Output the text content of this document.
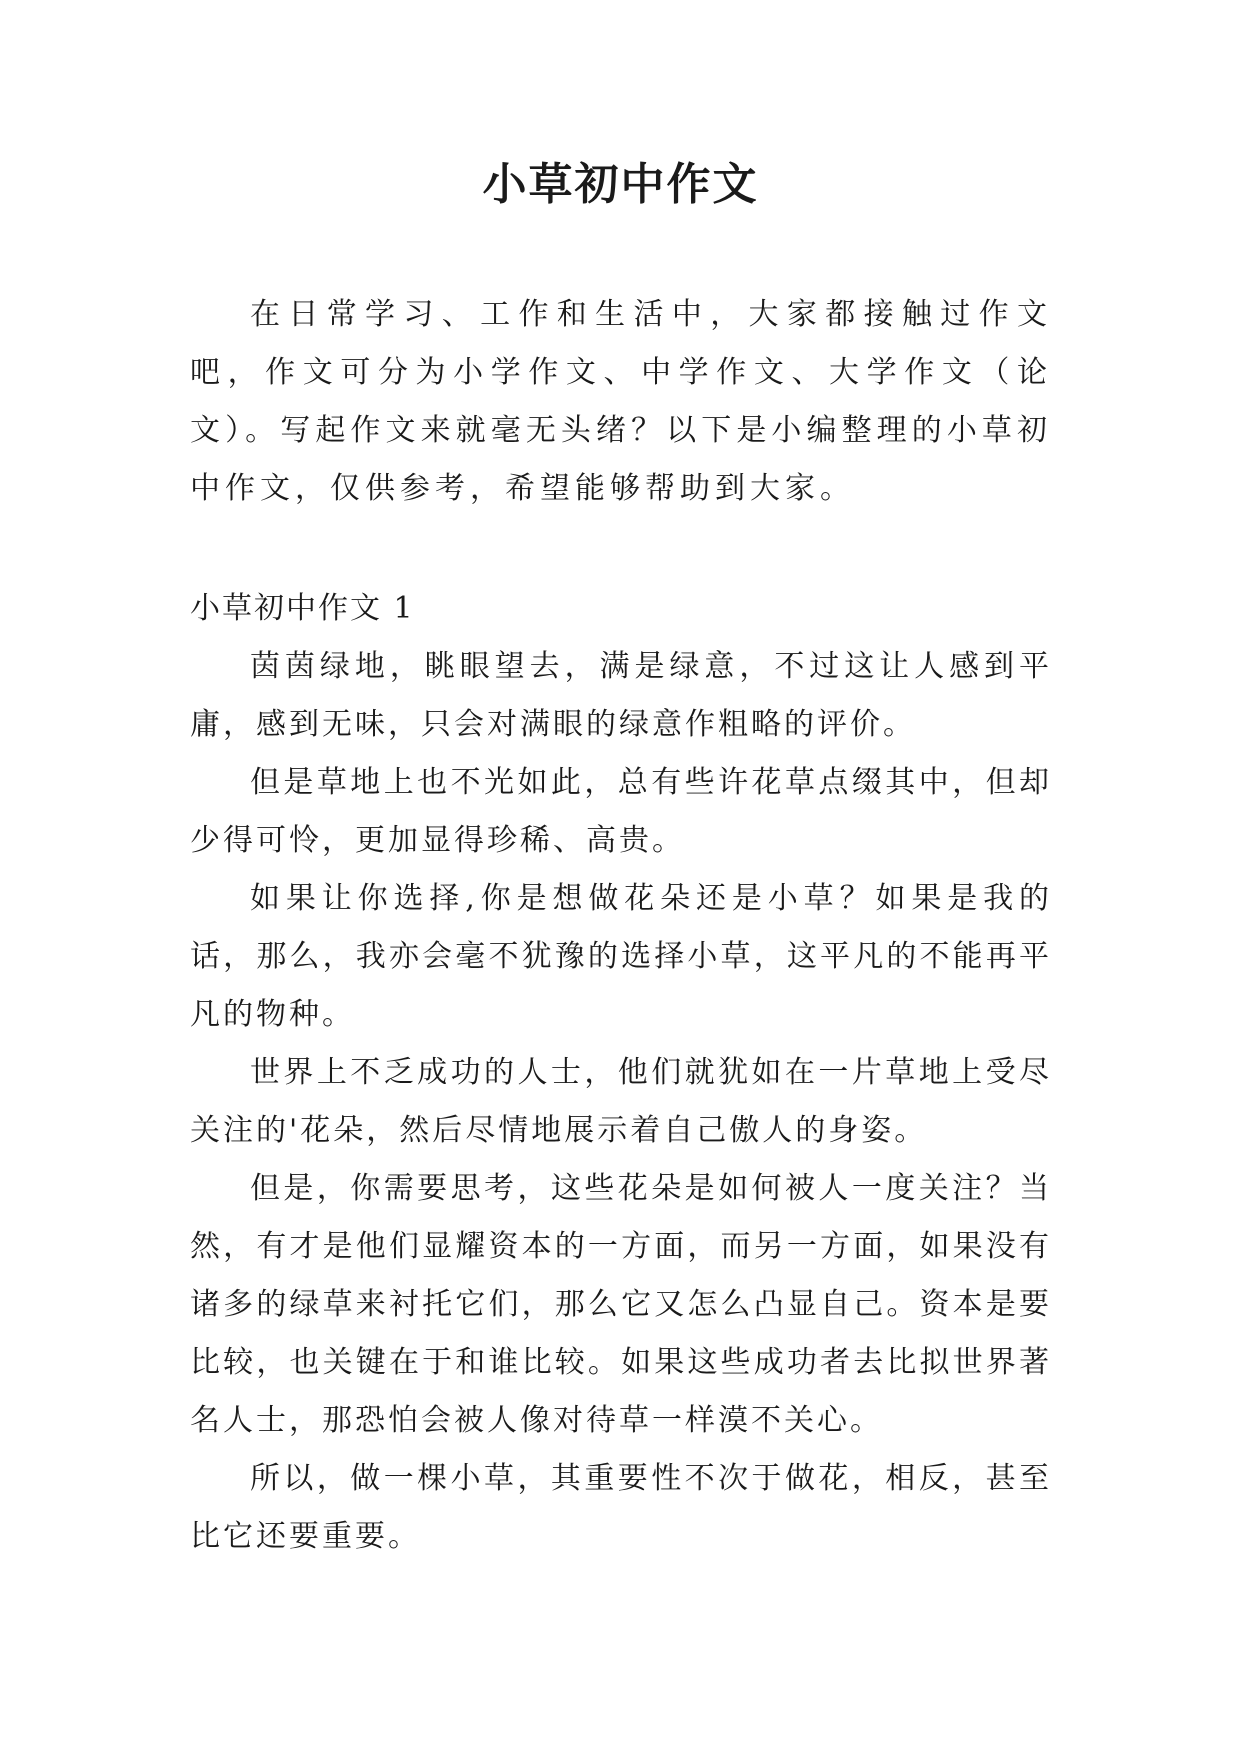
小草初中作文

在日常学习、工作和生活中，大家都接触过作文吧，作文可分为小学作文、中学作文、大学作文（论文）。写起作文来就毫无头绪？以下是小编整理的小草初中作文，仅供参考，希望能够帮助到大家。

小草初中作文 1

茵茵绿地，眺眼望去，满是绿意，不过这让人感到平庸，感到无味，只会对满眼的绿意作粗略的评价。

但是草地上也不光如此，总有些许花草点缀其中，但却少得可怜，更加显得珍稀、高贵。

如果让你选择,你是想做花朵还是小草？如果是我的话，那么，我亦会毫不犹豫的选择小草，这平凡的不能再平凡的物种。

世界上不乏成功的人士，他们就犹如在一片草地上受尽关注的'花朵，然后尽情地展示着自己傲人的身姿。

但是，你需要思考，这些花朵是如何被人一度关注？当然，有才是他们显耀资本的一方面，而另一方面，如果没有诸多的绿草来衬托它们，那么它又怎么凸显自己。资本是要比较，也关键在于和谁比较。如果这些成功者去比拟世界著名人士，那恐怕会被人像对待草一样漠不关心。

所以，做一棵小草，其重要性不次于做花，相反，甚至比它还要重要。
